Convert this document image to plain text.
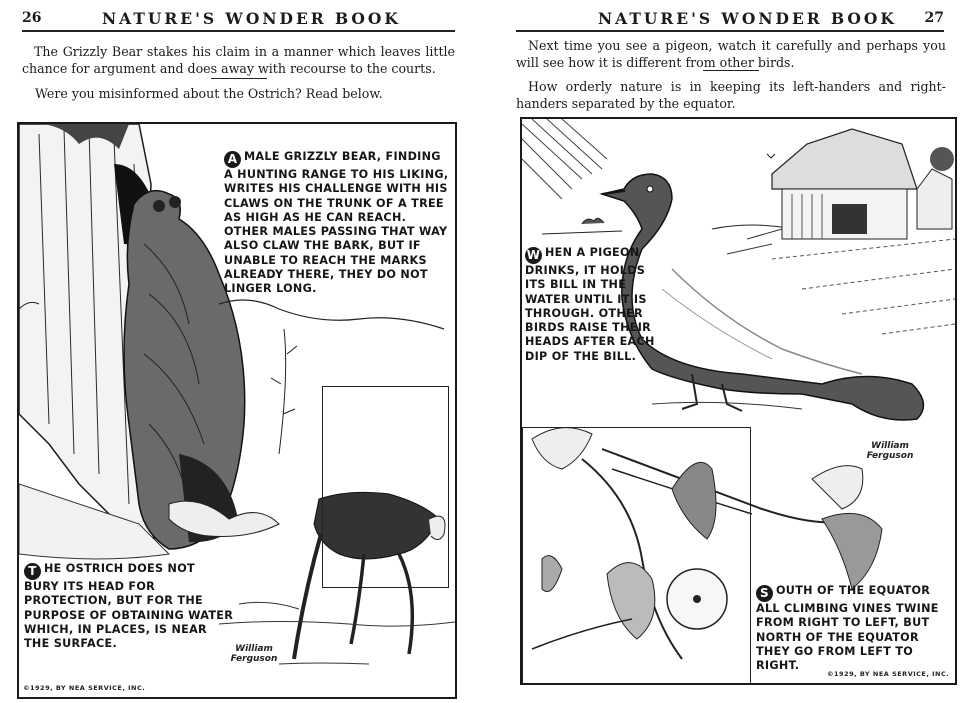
26	NATURE'S WONDER BOOK
The Grizzly Bear stakes his claim in a manner which leaves little chance for argument and does away with recourse to the courts.
Were you misinformed about the Ostrich? Read below.
A MALE GRIZZLY BEAR, FINDING A HUNTING RANGE TO HIS LIKING, WRITES HIS CHALLENGE WITH HIS CLAWS ON THE TRUNK OF A TREE AS HIGH AS HE CAN REACH. OTHER MALES PASSING THAT WAY ALSO CLAW THE BARK, BUT IF UNABLE TO REACH THE MARKS ALREADY THERE, THEY DO NOT LINGER LONG.
T HE OSTRICH DOES NOT BURY ITS HEAD FOR PROTECTION, BUT FOR THE PURPOSE OF OBTAINING WATER WHICH, IN PLACES, IS NEAR THE SURFACE.	William
Ferguson
©1929, BY NEA SERVICE, INC.
NATURE'S WONDER BOOK 27
Next time you see a pigeon, watch it carefully and perhaps you will see how it is different from other birds.
How orderly nature is in keeping its left-handers and right-handers separated by the equator.
W HEN A PIGEON DRINKS, IT HOLDS ITS BILL IN THE WATER UNTIL IT IS THROUGH. OTHER BIRDS RAISE THEIR HEADS AFTER EACH DIP OF THE BILL.
S OUTH OF THE EQUATOR ALL CLIMBING VINES TWINE FROM RIGHT TO LEFT, BUT NORTH OF THE EQUATOR THEY GO FROM LEFT TO RIGHT.
William
Ferguson
©1929, BY NEA SERVICE, INC.
